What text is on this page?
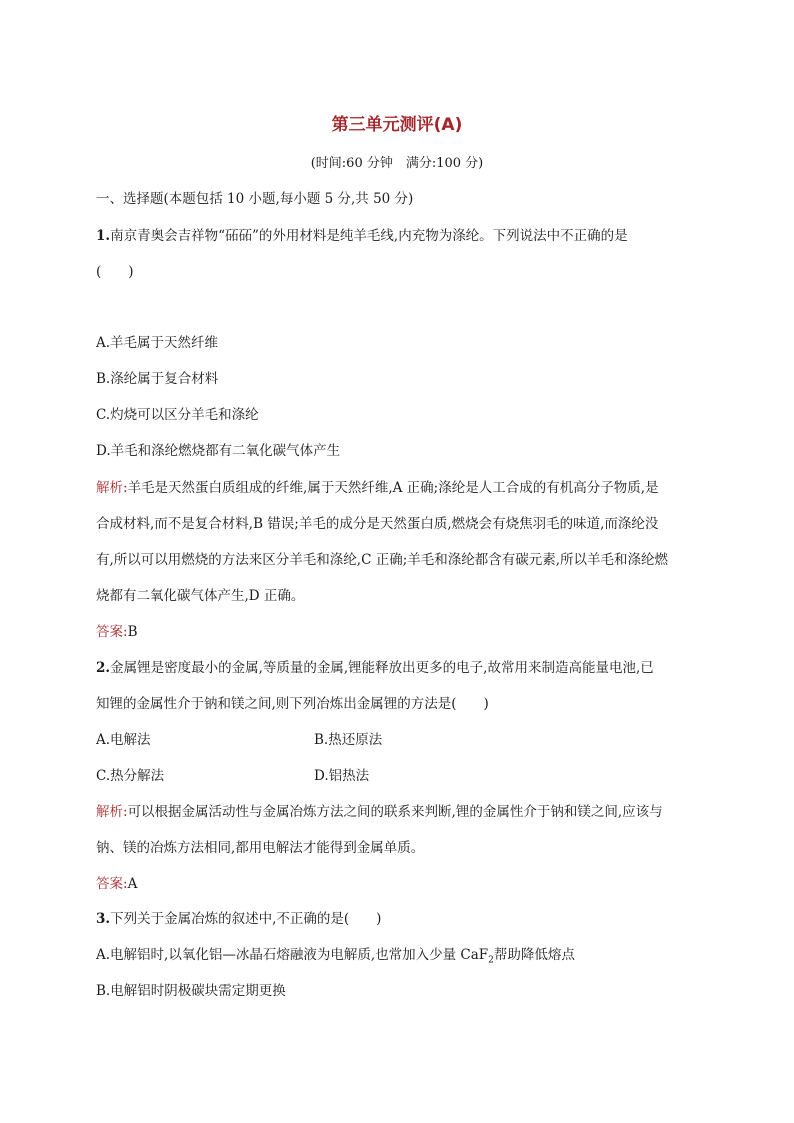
第三单元测评(A)
(时间:60 分钟　满分:100 分)
一、选择题(本题包括 10 小题,每小题 5 分,共 50 分)
1.南京青奥会吉祥物“砳砳”的外用材料是纯羊毛线,内充物为涤纶。下列说法中不正确的是
(　　)
A.羊毛属于天然纤维
B.涤纶属于复合材料
C.灼烧可以区分羊毛和涤纶
D.羊毛和涤纶燃烧都有二氧化碳气体产生
解析:羊毛是天然蛋白质组成的纤维,属于天然纤维,A 正确;涤纶是人工合成的有机高分子物质,是
合成材料,而不是复合材料,B 错误;羊毛的成分是天然蛋白质,燃烧会有烧焦羽毛的味道,而涤纶没
有,所以可以用燃烧的方法来区分羊毛和涤纶,C 正确;羊毛和涤纶都含有碳元素,所以羊毛和涤纶燃
烧都有二氧化碳气体产生,D 正确。
答案:B
2.金属锂是密度最小的金属,等质量的金属,锂能释放出更多的电子,故常用来制造高能量电池,已
知锂的金属性介于钠和镁之间,则下列冶炼出金属锂的方法是(　　)
A.电解法	B.热还原法
C.热分解法	D.铝热法
解析:可以根据金属活动性与金属冶炼方法之间的联系来判断,锂的金属性介于钠和镁之间,应该与
钠、镁的冶炼方法相同,都用电解法才能得到金属单质。
答案:A
3.下列关于金属冶炼的叙述中,不正确的是(　　)
A.电解铝时,以氧化铝—冰晶石熔融液为电解质,也常加入少量 CaF$_2$帮助降低熔点
B.电解铝时阴极碳块需定期更换
